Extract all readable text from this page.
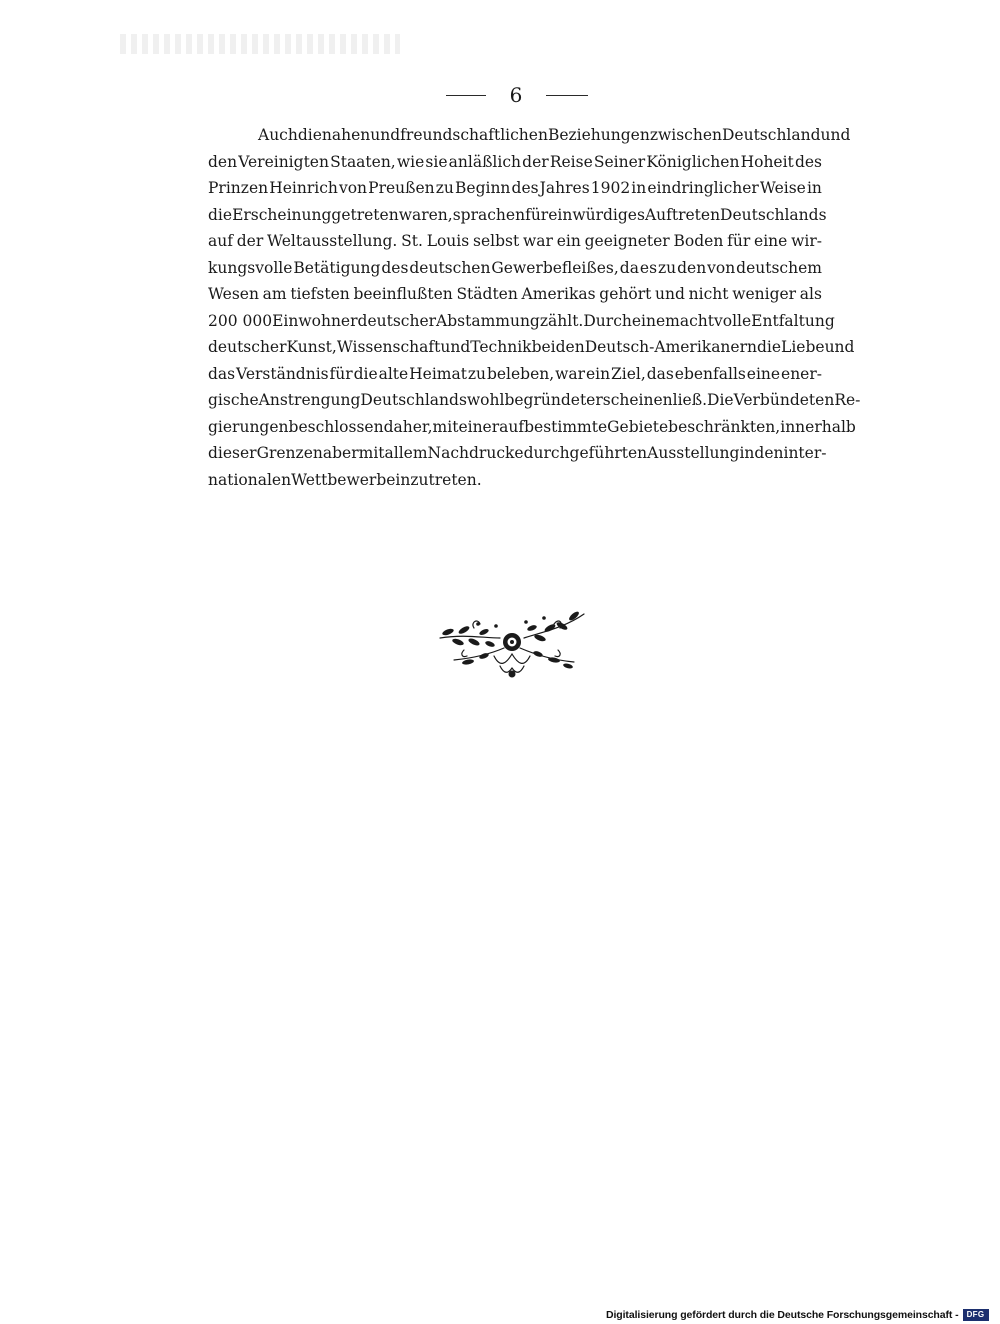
6
Auch die nahen und freundschaftlichen Beziehungen zwischen Deutschland und
den Vereinigten Staaten, wie sie anläßlich der Reise Seiner Königlichen Hoheit des
Prinzen Heinrich von Preußen zu Beginn des Jahres 1902 in eindringlicher Weise in
die Erscheinung getreten waren, sprachen für ein würdiges Auftreten Deutschlands
auf der Weltausstellung. St. Louis selbst war ein geeigneter Boden für eine wir-
kungsvolle Betätigung des deutschen Gewerbefleißes, da es zu den von deutschem
Wesen am tiefsten beeinflußten Städten Amerikas gehört und nicht weniger als
200 000 Einwohner deutscher Abstammung zählt. Durch eine machtvolle Entfaltung
deutscher Kunst, Wissenschaft und Technik bei den Deutsch-Amerikanern die Liebe und
das Verständnis für die alte Heimat zu beleben, war ein Ziel, das ebenfalls eine ener-
gische Anstrengung Deutschlands wohl begründet erscheinen ließ. Die Verbündeten Re-
gierungen beschlossen daher, mit einer auf bestimmte Gebiete beschränkten, innerhalb
dieser Grenzen aber mit allem Nachdrucke durchgeführten Ausstellung in den inter-
nationalen Wettbewerb einzutreten.
Digitalisierung gefördert durch die Deutsche Forschungsgemeinschaft -	DFG
